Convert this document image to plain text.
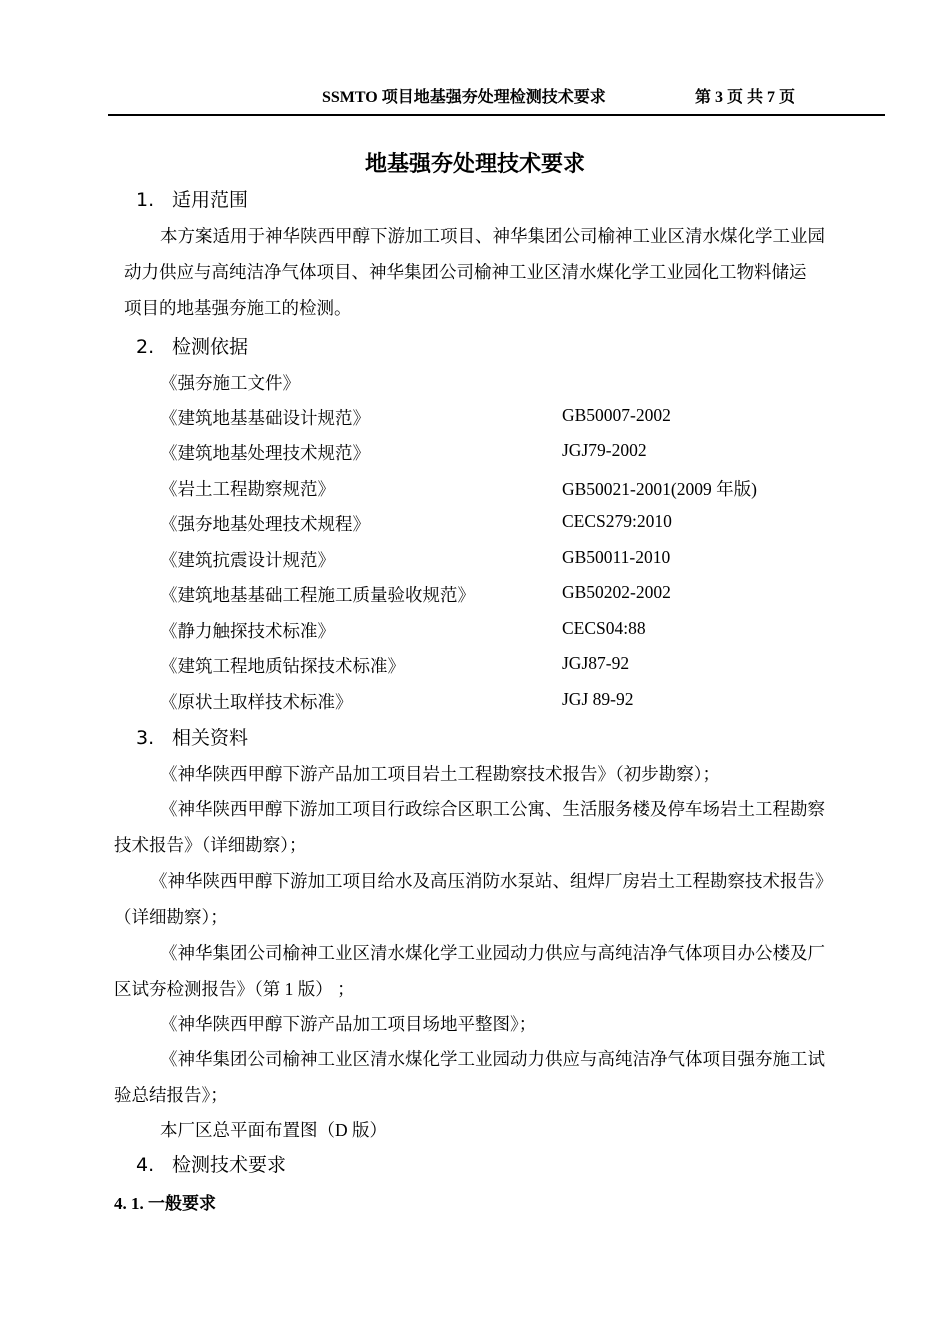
SSMTO 项目地基强夯处理检测技术要求	第 3 页 共 7 页
地基强夯处理技术要求
1. 适用范围
本方案适用于神华陕西甲醇下游加工项目、神华集团公司榆神工业区清水煤化学工业园
动力供应与高纯洁净气体项目、神华集团公司榆神工业区清水煤化学工业园化工物料储运
项目的地基强夯施工的检测。
2. 检测依据
《强夯施工文件》
《建筑地基基础设计规范》	GB50007-2002
《建筑地基处理技术规范》	JGJ79-2002
《岩土工程勘察规范》	GB50021-2001(2009 年版)
《强夯地基处理技术规程》	CECS279:2010
《建筑抗震设计规范》	GB50011-2010
《建筑地基基础工程施工质量验收规范》	GB50202-2002
《静力触探技术标准》	CECS04:88
《建筑工程地质钻探技术标准》	JGJ87-92
《原状土取样技术标准》	JGJ 89-92
3. 相关资料
《神华陕西甲醇下游产品加工项目岩土工程勘察技术报告》（初步勘察）；
《神华陕西甲醇下游加工项目行政综合区职工公寓、生活服务楼及停车场岩土工程勘察
技术报告》（详细勘察）；
《神华陕西甲醇下游加工项目给水及高压消防水泵站、组焊厂房岩土工程勘察技术报告》
（详细勘察）；
《神华集团公司榆神工业区清水煤化学工业园动力供应与高纯洁净气体项目办公楼及厂
区试夯检测报告》（第 1 版） ；
《神华陕西甲醇下游产品加工项目场地平整图》；
《神华集团公司榆神工业区清水煤化学工业园动力供应与高纯洁净气体项目强夯施工试
验总结报告》；
本厂区总平面布置图（D 版）
4. 检测技术要求
4. 1. 一般要求
